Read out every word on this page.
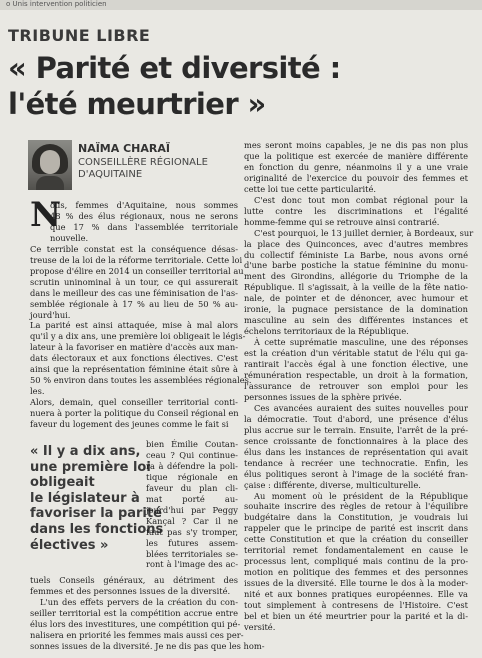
o Unis intervention politicien
TRIBUNE LIBRE
« Parité et diversité :
l'été meurtrier »
NAÏMA CHARAÏ
CONSEILLÈRE RÉGIONALE
D'AQUITAINE
N
ous, femmes d'Aquitaine, nous sommes
48 % des élus régionaux, nous ne serons
que 17 % dans l'assemblée territoriale
nouvelle.
Ce terrible constat est la conséquence désas-
treuse de la loi de la réforme territoriale. Cette loi
propose d'élire en 2014 un conseiller territorial au
scrutin uninominal à un tour, ce qui assurerait
dans le meilleur des cas une féminisation de l'as-
semblée régionale à 17 % au lieu de 50 % au-
jourd'hui.
La parité est ainsi attaquée, mise à mal alors
qu'il y a dix ans, une première loi obligeait le légis-
lateur à la favoriser en matière d'accès aux man-
dats électoraux et aux fonctions électives. C'est
ainsi que la représentation féminine était sûre à
50 % environ dans toutes les assemblées régionales.
les.
Alors, demain, quel conseiller territorial conti-
nuera à porter la politique du Conseil régional en
faveur du logement des jeunes comme le fait si
« Il y a dix ans,
une première loi
obligeait
le législateur à
favoriser la parité
dans les fonctions
électives »
bien Émilie Coutan-
ceau ? Qui continue-
ra à défendre la poli-
tique régionale en
faveur du plan cli-
mat porté au-
jourd'hui par Peggy
Kançal ? Car il ne
faut pas s'y tromper,
les futures assem-
blées territoriales se-
ront à l'image des ac-
tuels Conseils généraux, au détriment des
femmes et des personnes issues de la diversité.
L'un des effets pervers de la création du con-
seiller territorial est la compétition accrue entre
élus lors des investitures, une compétition qui pé-
nalisera en priorité les femmes mais aussi ces per-
sonnes issues de la diversité. Je ne dis pas que les hom-
mes seront moins capables, je ne dis pas non plus
que la politique est exercée de manière différente
en fonction du genre, néanmoins il y a une vraie
originalité de l'exercice du pouvoir des femmes et
cette loi tue cette particularité.
C'est donc tout mon combat régional pour la
lutte contre les discriminations et l'égalité
homme-femme qui se retrouve ainsi contrarié.
C'est pourquoi, le 13 juillet dernier, à Bordeaux, sur
la place des Quinconces, avec d'autres membres
du collectif féministe La Barbe, nous avons orné
d'une barbe postiche la statue féminine du monu-
ment des Girondins, allégorie du Triomphe de la
République. Il s'agissait, à la veille de la fête natio-
nale, de pointer et de dénoncer, avec humour et
ironie, la pugnace persistance de la domination
masculine au sein des différentes instances et
échelons territoriaux de la République.
À cette suprématie masculine, une des réponses
est la création d'un véritable statut de l'élu qui ga-
rantirait l'accès égal à une fonction élective, une
rémunération respectable, un droit à la formation,
l'assurance de retrouver son emploi pour les
personnes issues de la sphère privée.
Ces avancées auraient des suites nouvelles pour
la démocratie. Tout d'abord, une présence d'élus
plus accrue sur le terrain. Ensuite, l'arrêt de la pré-
sence croissante de fonctionnaires à la place des
élus dans les instances de représentation qui avait
tendance à recréer une technocratie. Enfin, les
élus politiques seront à l'image de la société fran-
çaise : différente, diverse, multiculturelle.
Au moment où le président de la République
souhaite inscrire des règles de retour à l'équilibre
budgétaire dans la Constitution, je voudrais lui
rappeler que le principe de parité est inscrit dans
cette Constitution et que la création du conseiller
territorial remet fondamentalement en cause le
processus lent, compliqué mais continu de la pro-
motion en politique des femmes et des personnes
issues de la diversité. Elle tourne le dos à la moder-
nité et aux bonnes pratiques européennes. Elle va
tout simplement à contresens de l'Histoire. C'est
bel et bien un été meurtrier pour la parité et la di-
versité.
